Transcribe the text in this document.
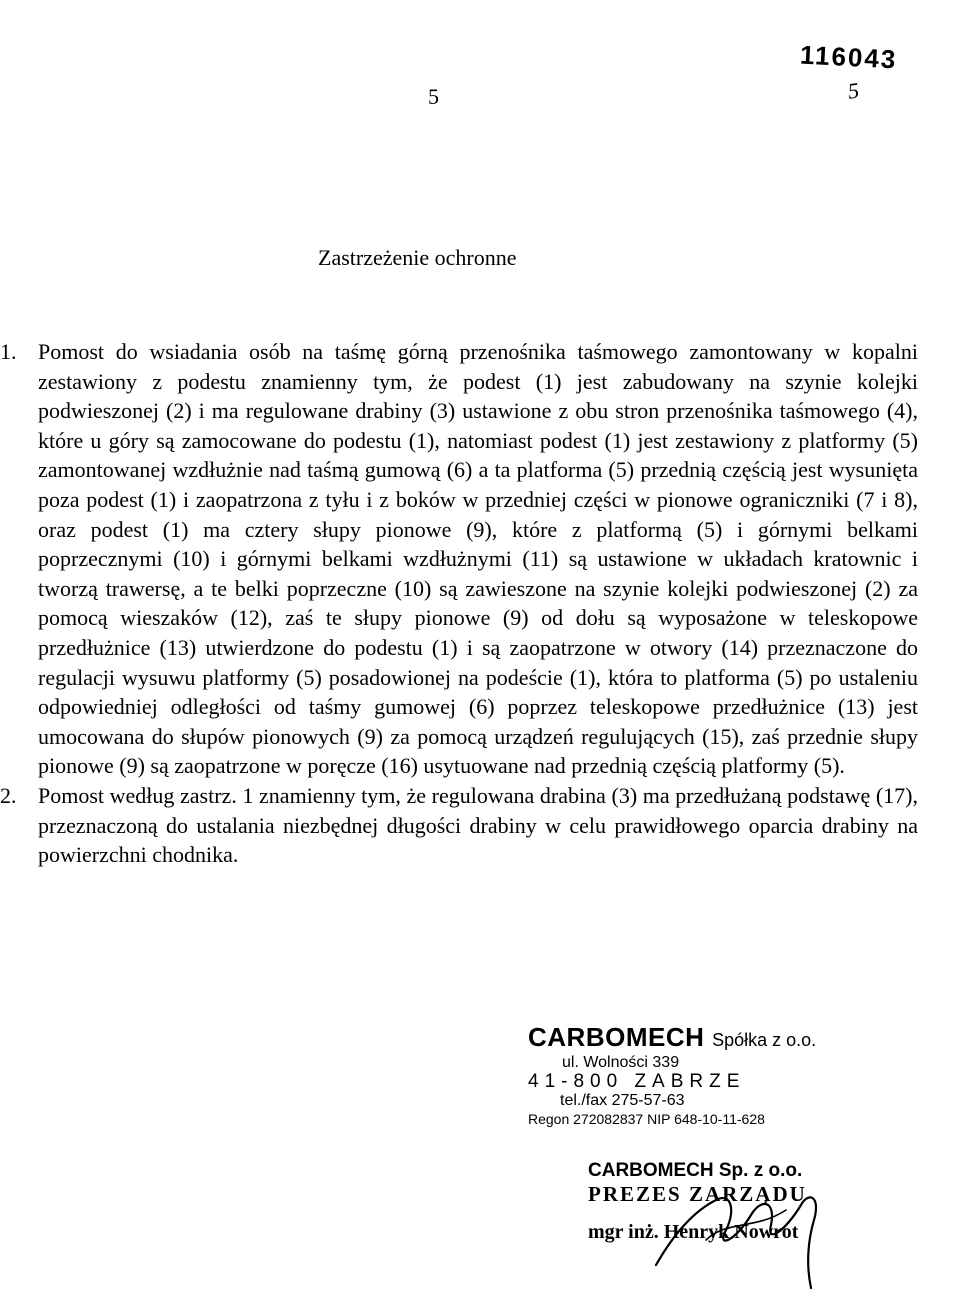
5
116043
5
Zastrzeżenie ochronne
1. Pomost do wsiadania osób na taśmę górną przenośnika taśmowego zamontowany w kopalni zestawiony z podestu znamienny tym, że podest (1) jest zabudowany na szynie kolejki podwieszonej (2) i ma regulowane drabiny (3) ustawione z obu stron przenośnika taśmowego (4), które u góry są zamocowane do podestu (1), natomiast podest (1) jest zestawiony z platformy (5) zamontowanej wzdłużnie nad taśmą gumową (6) a ta platforma (5) przednią częścią jest wysunięta poza podest (1) i zaopatrzona z tyłu i z boków w przedniej części w pionowe ograniczniki (7 i 8), oraz podest (1) ma cztery słupy pionowe (9), które z platformą (5) i górnymi belkami poprzecznymi (10) i górnymi belkami wzdłużnymi (11) są ustawione w układach kratownic i tworzą trawersę, a te belki poprzeczne (10) są zawieszone na szynie kolejki podwieszonej (2) za pomocą wieszaków (12), zaś te słupy pionowe (9) od dołu są wyposażone w teleskopowe przedłużnice (13) utwierdzone do podestu (1) i są zaopatrzone w otwory (14) przeznaczone do regulacji wysuwu platformy (5) posadowionej na podeście (1), która to platforma (5) po ustaleniu odpowiedniej odległości od taśmy gumowej (6) poprzez teleskopowe przedłużnice (13) jest umocowana do słupów pionowych (9) za pomocą urządzeń regulujących (15), zaś przednie słupy pionowe (9) są zaopatrzone w poręcze (16) usytuowane nad przednią częścią platformy (5).
2. Pomost według zastrz. 1 znamienny tym, że regulowana drabina (3) ma przedłużaną podstawę (17), przeznaczoną do ustalania niezbędnej długości drabiny w celu prawidłowego oparcia drabiny na powierzchni chodnika.
CARBOMECH Spółka z o.o.
ul. Wolności 339
41-800 ZABRZE
tel./fax 275-57-63
Regon 272082837 NIP 648-10-11-628
CARBOMECH Sp. z o.o.
PREZES ZARZĄDU
mgr inż. Henryk Nowrot
